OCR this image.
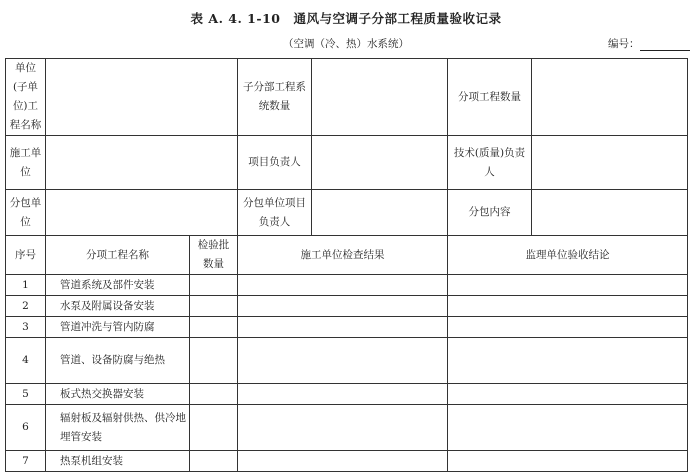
表 A. 4. 1-10　通风与空调子分部工程质量验收记录
（空调（冷、热）水系统）	编号：
单位(子单位)工程名称			子分部工程系统数量		分项工程数量	
施工单位			项目负责人		技术(质量)负责人	
分包单位			分包单位项目负责人		分包内容	
序号	分项工程名称	检验批数量	施工单位检查结果		监理单位验收结论	
1	管道系统及部件安装					
2	水泵及附属设备安装					
3	管道冲洗与管内防腐					
4	管道、设备防腐与绝热					
5	板式热交换器安装					
6	辐射板及辐射供热、供冷地埋管安装					
7	热泵机组安装					
